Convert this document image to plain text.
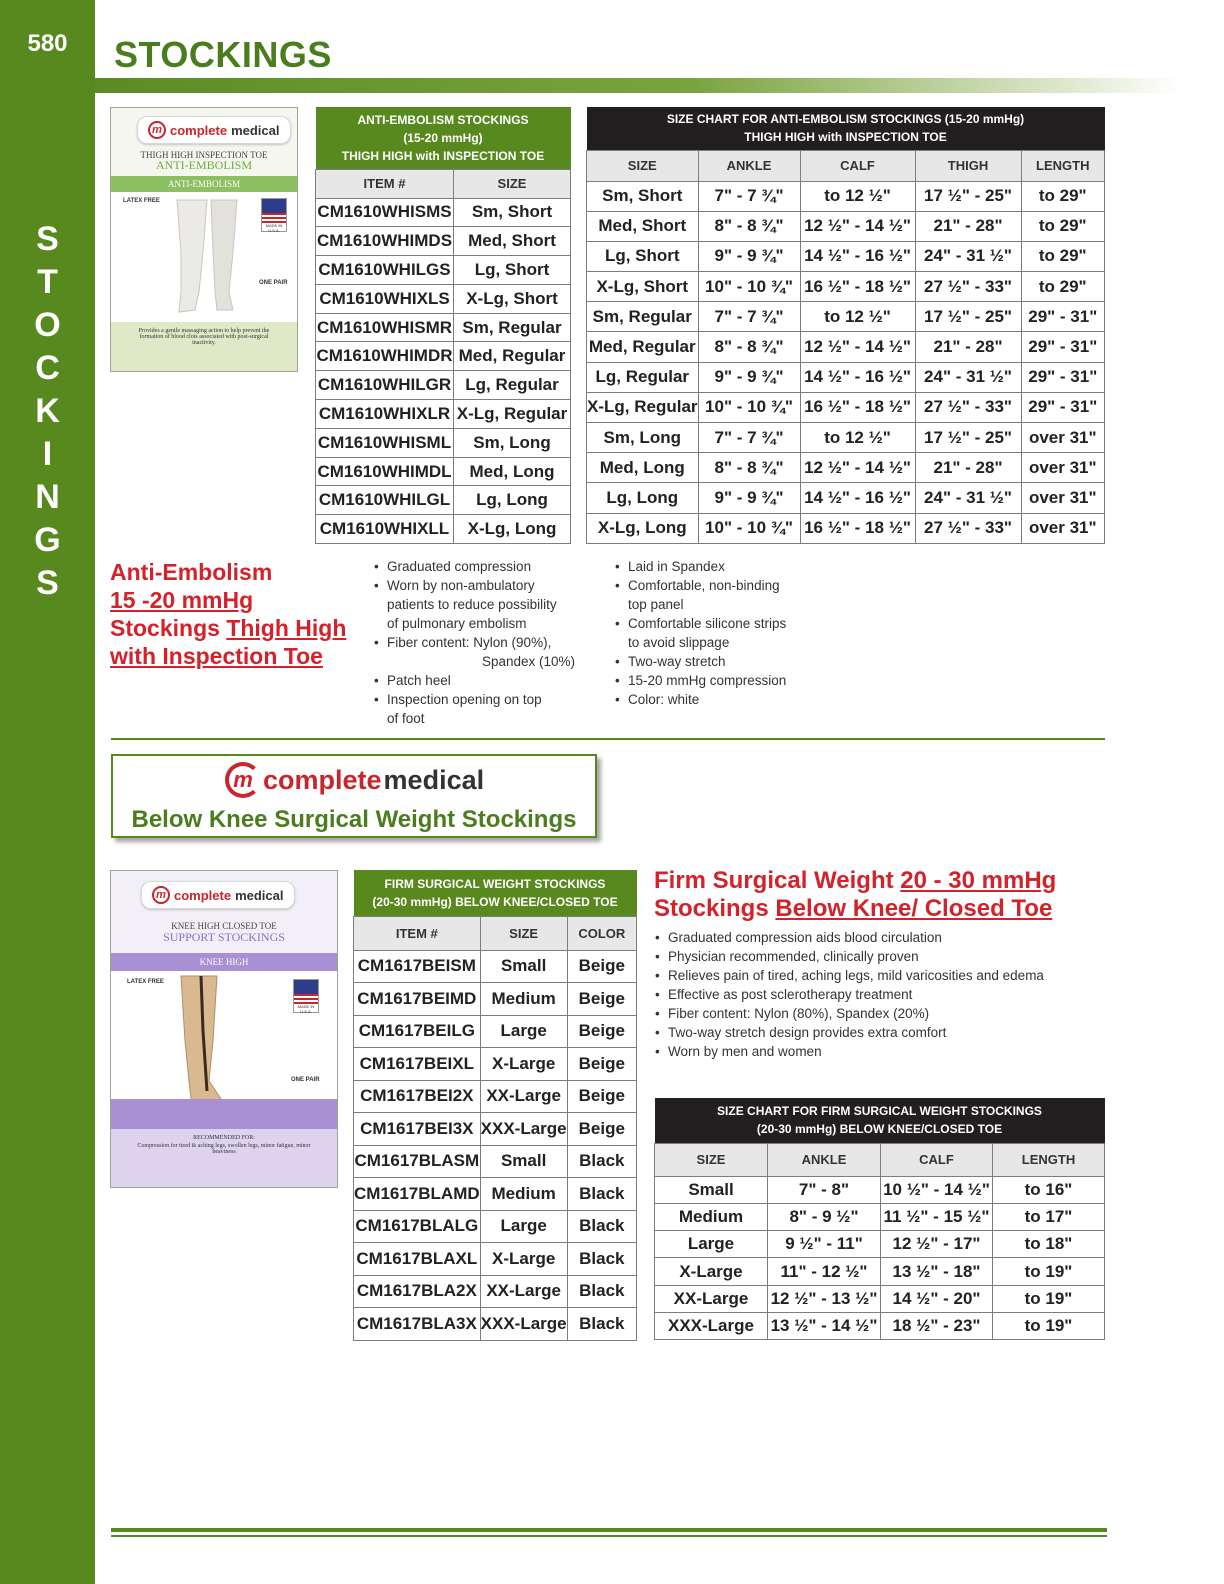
580
S
T
O
C
K
I
N
G
S
STOCKINGS
m complete medical
THIGH HIGH INSPECTION TOE
ANTI-EMBOLISM
ANTI-EMBOLISM
LATEX FREE
MADE IN U.S.A.
ONE PAIR
Provides a gentle massaging action to help prevent the formation of blood clots associated with post-surgical inactivity.
ANTI-EMBOLISM STOCKINGS
(15-20 mmHg)
THIGH HIGH with INSPECTION TOE	

ITEM #	SIZE
CM1610WHISMS	Sm, Short
CM1610WHIMDS	Med, Short
CM1610WHILGS	Lg, Short
CM1610WHIXLS	X-Lg, Short
CM1610WHISMR	Sm, Regular
CM1610WHIMDR	Med, Regular
CM1610WHILGR	Lg, Regular
CM1610WHIXLR	X-Lg, Regular
CM1610WHISML	Sm, Long
CM1610WHIMDL	Med, Long
CM1610WHILGL	Lg, Long
CM1610WHIXLL	X-Lg, Long
SIZE CHART FOR ANTI-EMBOLISM STOCKINGS (15-20 mmHg)
THIGH HIGH with INSPECTION TOE				

SIZE	ANKLE	CALF	THIGH	LENGTH
Sm, Short	7" - 7 ¾"	to 12 ½"	17 ½" - 25"	to 29"
Med, Short	8" - 8 ¾"	12 ½" - 14 ½"	21" - 28"	to 29"
Lg, Short	9" - 9 ¾"	14 ½" - 16 ½"	24" - 31 ½"	to 29"
X-Lg, Short	10" - 10 ¾"	16 ½" - 18 ½"	27 ½" - 33"	to 29"
Sm, Regular	7" - 7 ¾"	to 12 ½"	17 ½" - 25"	29" - 31"
Med, Regular	8" - 8 ¾"	12 ½" - 14 ½"	21" - 28"	29" - 31"
Lg, Regular	9" - 9 ¾"	14 ½" - 16 ½"	24" - 31 ½"	29" - 31"
X-Lg, Regular	10" - 10 ¾"	16 ½" - 18 ½"	27 ½" - 33"	29" - 31"
Sm, Long	7" - 7 ¾"	to 12 ½"	17 ½" - 25"	over 31"
Med, Long	8" - 8 ¾"	12 ½" - 14 ½"	21" - 28"	over 31"
Lg, Long	9" - 9 ¾"	14 ½" - 16 ½"	24" - 31 ½"	over 31"
X-Lg, Long	10" - 10 ¾"	16 ½" - 18 ½"	27 ½" - 33"	over 31"
Anti-Embolism
15 -20 mmHg
Stockings Thigh High
with Inspection Toe
• Graduated compression
• Worn by non-ambulatory
patients to reduce possibility
of pulmonary embolism
• Fiber content: Nylon (90%),
Spandex (10%)
• Patch heel
• Inspection opening on top
of foot
• Laid in Spandex
• Comfortable, non-binding
top panel
• Comfortable silicone strips
to avoid slippage
• Two-way stretch
• 15-20 mmHg compression
• Color: white
m complete medical
Below Knee Surgical Weight Stockings
m complete medical
KNEE HIGH CLOSED TOE
SUPPORT STOCKINGS
KNEE HIGH
LATEX FREE
MADE IN U.S.A.
ONE PAIR
RECOMMENDED FOR:
Compression for tired & aching legs, swollen legs, minor fatigue, minor heaviness
FIRM SURGICAL WEIGHT STOCKINGS
(20-30 mmHg) BELOW KNEE/CLOSED TOE		

ITEM #	SIZE	COLOR
CM1617BEISM	Small	Beige
CM1617BEIMD	Medium	Beige
CM1617BEILG	Large	Beige
CM1617BEIXL	X-Large	Beige
CM1617BEI2X	XX-Large	Beige
CM1617BEI3X	XXX-Large	Beige
CM1617BLASM	Small	Black
CM1617BLAMD	Medium	Black
CM1617BLALG	Large	Black
CM1617BLAXL	X-Large	Black
CM1617BLA2X	XX-Large	Black
CM1617BLA3X	XXX-Large	Black
Firm Surgical Weight 20 - 30 mmHg
Stockings Below Knee/ Closed Toe
• Graduated compression aids blood circulation
• Physician recommended, clinically proven
• Relieves pain of tired, aching legs, mild varicosities and edema
• Effective as post sclerotherapy treatment
• Fiber content: Nylon (80%), Spandex (20%)
• Two-way stretch design provides extra comfort
• Worn by men and women
SIZE CHART FOR FIRM SURGICAL WEIGHT STOCKINGS
(20-30 mmHg) BELOW KNEE/CLOSED TOE			

SIZE	ANKLE	CALF	LENGTH
Small	7" - 8"	10 ½" - 14 ½"	to 16"
Medium	8" - 9 ½"	11 ½" - 15 ½"	to 17"
Large	9 ½" - 11"	12 ½" - 17"	to 18"
X-Large	11" - 12 ½"	13 ½" - 18"	to 19"
XX-Large	12 ½" - 13 ½"	14 ½" - 20"	to 19"
XXX-Large	13 ½" - 14 ½"	18 ½" - 23"	to 19"
